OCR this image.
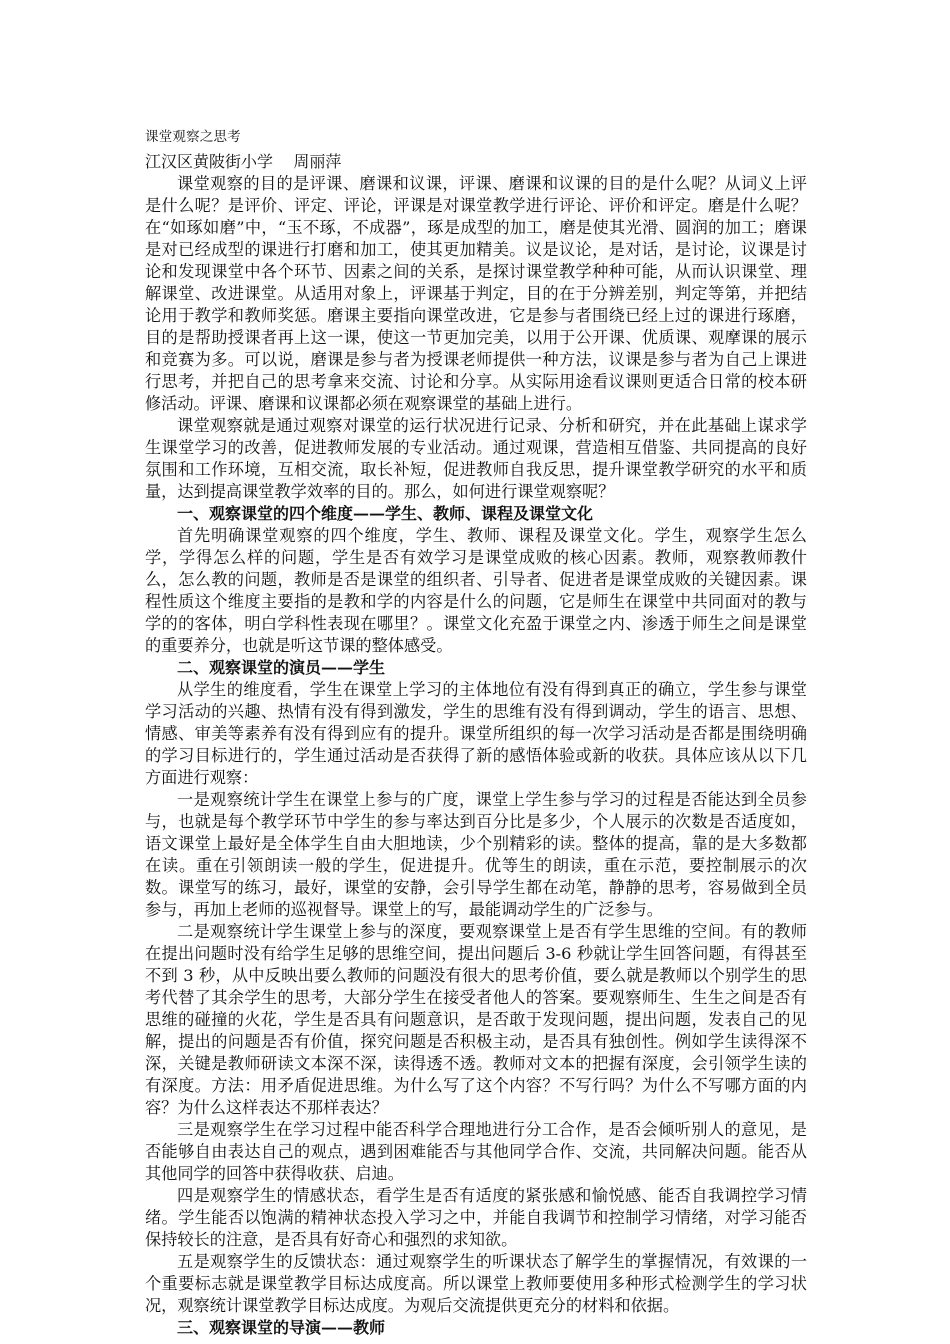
课堂观察之思考

江汉区黄陂街小学    周丽萍

课堂观察的目的是评课、磨课和议课，评课、磨课和议课的目的是什么呢？从词义上评是什么呢？是评价、评定、评论，评课是对课堂教学进行评论、评价和评定。磨是什么呢？在“如琢如磨”中，“玉不琢，不成器”，琢是成型的加工，磨是使其光滑、圆润的加工；磨课是对已经成型的课进行打磨和加工，使其更加精美。议是议论，是对话，是讨论，议课是讨论和发现课堂中各个环节、因素之间的关系，是探讨课堂教学种种可能，从而认识课堂、理解课堂、改进课堂。从适用对象上，评课基于判定，目的在于分辨差别，判定等第，并把结论用于教学和教师奖惩。磨课主要指向课堂改进，它是参与者围绕已经上过的课进行琢磨，目的是帮助授课者再上这一课，使这一节更加完美，以用于公开课、优质课、观摩课的展示和竞赛为多。可以说，磨课是参与者为授课老师提供一种方法，议课是参与者为自己上课进行思考，并把自己的思考拿来交流、讨论和分享。从实际用途看议课则更适合日常的校本研修活动。评课、磨课和议课都必须在观察课堂的基础上进行。

课堂观察就是通过观察对课堂的运行状况进行记录、分析和研究，并在此基础上谋求学生课堂学习的改善，促进教师发展的专业活动。通过观课，营造相互借鉴、共同提高的良好氛围和工作环境，互相交流，取长补短，促进教师自我反思，提升课堂教学研究的水平和质量，达到提高课堂教学效率的目的。那么，如何进行课堂观察呢？

一、观察课堂的四个维度——学生、教师、课程及课堂文化

首先明确课堂观察的四个维度，学生、教师、课程及课堂文化。学生，观察学生怎么学，学得怎么样的问题，学生是否有效学习是课堂成败的核心因素。教师，观察教师教什么，怎么教的问题，教师是否是课堂的组织者、引导者、促进者是课堂成败的关键因素。课程性质这个维度主要指的是教和学的内容是什么的问题，它是师生在课堂中共同面对的教与学的的客体，明白学科性表现在哪里？。课堂文化充盈于课堂之内、渗透于师生之间是课堂的重要养分，也就是听这节课的整体感受。

二、观察课堂的演员——学生

从学生的维度看，学生在课堂上学习的主体地位有没有得到真正的确立，学生参与课堂学习活动的兴趣、热情有没有得到激发，学生的思维有没有得到调动，学生的语言、思想、情感、审美等素养有没有得到应有的提升。课堂所组织的每一次学习活动是否都是围绕明确的学习目标进行的，学生通过活动是否获得了新的感悟体验或新的收获。具体应该从以下几方面进行观察：

一是观察统计学生在课堂上参与的广度，课堂上学生参与学习的过程是否能达到全员参与，也就是每个教学环节中学生的参与率达到百分比是多少，个人展示的次数是否适度如，语文课堂上最好是全体学生自由大胆地读，少个别精彩的读。整体的提高，靠的是大多数都在读。重在引领朗读一般的学生，促进提升。优等生的朗读，重在示范，要控制展示的次数。课堂写的练习，最好，课堂的安静，会引导学生都在动笔，静静的思考，容易做到全员参与，再加上老师的巡视督导。课堂上的写，最能调动学生的广泛参与。

二是观察统计学生课堂上参与的深度，要观察课堂上是否有学生思维的空间。有的教师在提出问题时没有给学生足够的思维空间，提出问题后 3-6 秒就让学生回答问题，有得甚至不到 3 秒，从中反映出要么教师的问题没有很大的思考价值，要么就是教师以个别学生的思考代替了其余学生的思考，大部分学生在接受者他人的答案。要观察师生、生生之间是否有思维的碰撞的火花，学生是否具有问题意识，是否敢于发现问题，提出问题，发表自己的见解，提出的问题是否有价值，探究问题是否积极主动，是否具有独创性。例如学生读得深不深，关键是教师研读文本深不深，读得透不透。教师对文本的把握有深度，会引领学生读的有深度。方法：用矛盾促进思维。为什么写了这个内容？不写行吗？为什么不写哪方面的内容？为什么这样表达不那样表达？

三是观察学生在学习过程中能否科学合理地进行分工合作，是否会倾听别人的意见，是否能够自由表达自己的观点，遇到困难能否与其他同学合作、交流，共同解决问题。能否从其他同学的回答中获得收获、启迪。

四是观察学生的情感状态，看学生是否有适度的紧张感和愉悦感、能否自我调控学习情绪。学生能否以饱满的精神状态投入学习之中，并能自我调节和控制学习情绪，对学习能否保持较长的注意，是否具有好奇心和强烈的求知欲。

五是观察学生的反馈状态：通过观察学生的听课状态了解学生的掌握情况，有效课的一个重要标志就是课堂教学目标达成度高。所以课堂上教师要使用多种形式检测学生的学习状况，观察统计课堂教学目标达成度。为观后交流提供更充分的材料和依据。

三、观察课堂的导演——教师
